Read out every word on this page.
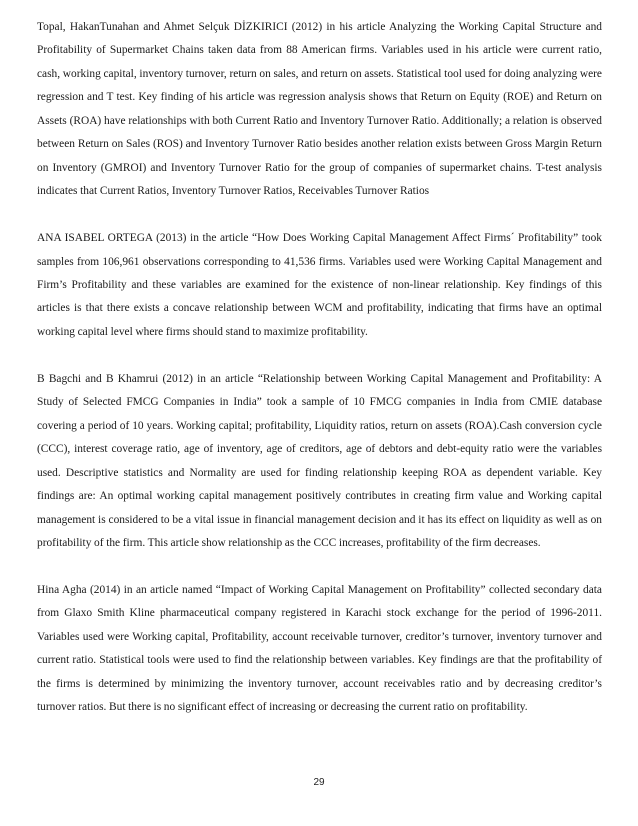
Topal, HakanTunahan and Ahmet Selçuk DİZKIRICI (2012) in his article Analyzing the Working Capital Structure and Profitability of Supermarket Chains taken data from 88 American firms. Variables used in his article were current ratio, cash, working capital, inventory turnover, return on sales, and return on assets. Statistical tool used for doing analyzing were regression and T test. Key finding of his article was regression analysis shows that Return on Equity (ROE) and Return on Assets (ROA) have relationships with both Current Ratio and Inventory Turnover Ratio. Additionally; a relation is observed between Return on Sales (ROS) and Inventory Turnover Ratio besides another relation exists between Gross Margin Return on Inventory (GMROI) and Inventory Turnover Ratio for the group of companies of supermarket chains. T-test analysis indicates that Current Ratios, Inventory Turnover Ratios, Receivables Turnover Ratios

ANA ISABEL ORTEGA (2013) in the article “How Does Working Capital Management Affect Firms´ Profitability” took samples from 106,961 observations corresponding to 41,536 firms. Variables used were Working Capital Management and Firm’s Profitability and these variables are examined for the existence of non-linear relationship. Key findings of this articles is that there exists a concave relationship between WCM and profitability, indicating that firms have an optimal working capital level where firms should stand to maximize profitability.

B Bagchi and B Khamrui (2012) in an article “Relationship between Working Capital Management and Profitability: A Study of Selected FMCG Companies in India” took a sample of 10 FMCG companies in India from CMIE database covering a period of 10 years. Working capital; profitability, Liquidity ratios, return on assets (ROA).Cash conversion cycle (CCC), interest coverage ratio, age of inventory, age of creditors, age of debtors and debt-equity ratio were the variables used. Descriptive statistics and Normality are used for finding relationship keeping ROA as dependent variable. Key findings are: An optimal working capital management positively contributes in creating firm value and Working capital management is considered to be a vital issue in financial management decision and it has its effect on liquidity as well as on profitability of the firm. This article show relationship as the CCC increases, profitability of the firm decreases.

Hina Agha (2014) in an article named “Impact of Working Capital Management on Profitability” collected secondary data from Glaxo Smith Kline pharmaceutical company registered in Karachi stock exchange for the period of 1996-2011. Variables used were Working capital, Profitability, account receivable turnover, creditor’s turnover, inventory turnover and current ratio. Statistical tools were used to find the relationship between variables. Key findings are that the profitability of the firms is determined by minimizing the inventory turnover, account receivables ratio and by decreasing creditor’s turnover ratios. But there is no significant effect of increasing or decreasing the current ratio on profitability.

29
